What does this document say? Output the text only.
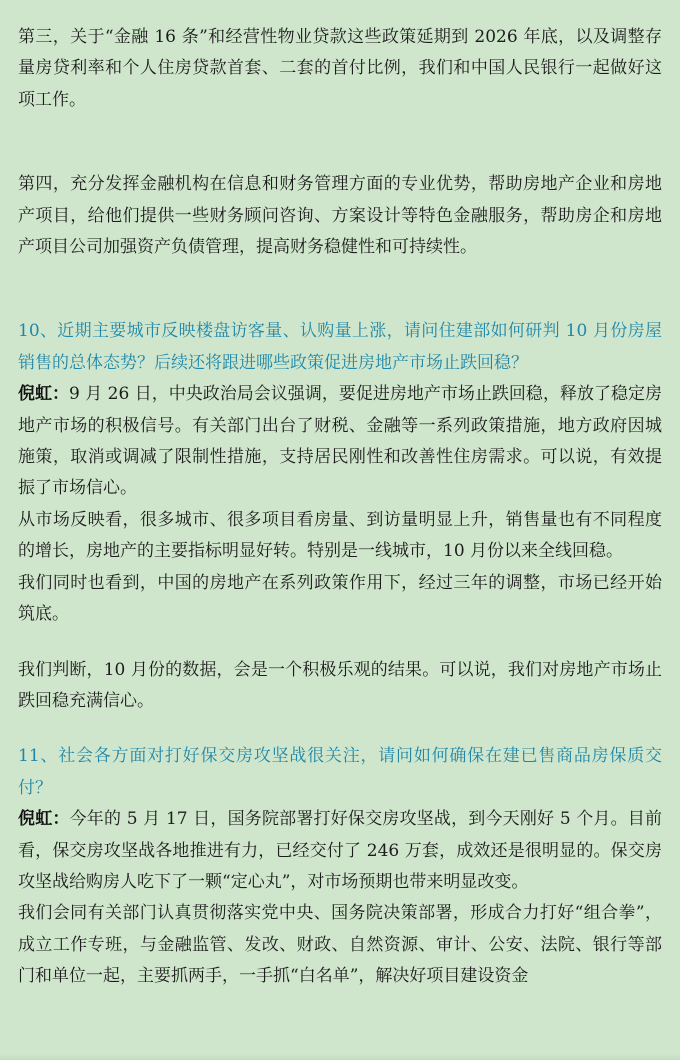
第三，关于“金融 16 条”和经营性物业贷款这些政策延期到 2026 年底，以及调整存量房贷利率和个人住房贷款首套、二套的首付比例，我们和中国人民银行一起做好这项工作。

第四，充分发挥金融机构在信息和财务管理方面的专业优势，帮助房地产企业和房地产项目，给他们提供一些财务顾问咨询、方案设计等特色金融服务，帮助房企和房地产项目公司加强资产负债管理，提高财务稳健性和可持续性。

10、近期主要城市反映楼盘访客量、认购量上涨，请问住建部如何研判 10 月份房屋销售的总体态势？后续还将跟进哪些政策促进房地产市场止跌回稳？

倪虹：9 月 26 日，中央政治局会议强调，要促进房地产市场止跌回稳，释放了稳定房地产市场的积极信号。有关部门出台了财税、金融等一系列政策措施，地方政府因城施策，取消或调减了限制性措施，支持居民刚性和改善性住房需求。可以说，有效提振了市场信心。

从市场反映看，很多城市、很多项目看房量、到访量明显上升，销售量也有不同程度的增长，房地产的主要指标明显好转。特别是一线城市，10 月份以来全线回稳。

我们同时也看到，中国的房地产在系列政策作用下，经过三年的调整，市场已经开始筑底。

我们判断，10 月份的数据，会是一个积极乐观的结果。可以说，我们对房地产市场止跌回稳充满信心。

11、社会各方面对打好保交房攻坚战很关注，请问如何确保在建已售商品房保质交付？

倪虹：今年的 5 月 17 日，国务院部署打好保交房攻坚战，到今天刚好 5 个月。目前看，保交房攻坚战各地推进有力，已经交付了 246 万套，成效还是很明显的。保交房攻坚战给购房人吃下了一颗“定心丸”，对市场预期也带来明显改变。

我们会同有关部门认真贯彻落实党中央、国务院决策部署，形成合力打好“组合拳”，成立工作专班，与金融监管、发改、财政、自然资源、审计、公安、法院、银行等部门和单位一起，主要抓两手，一手抓“白名单”，解决好项目建设资金
